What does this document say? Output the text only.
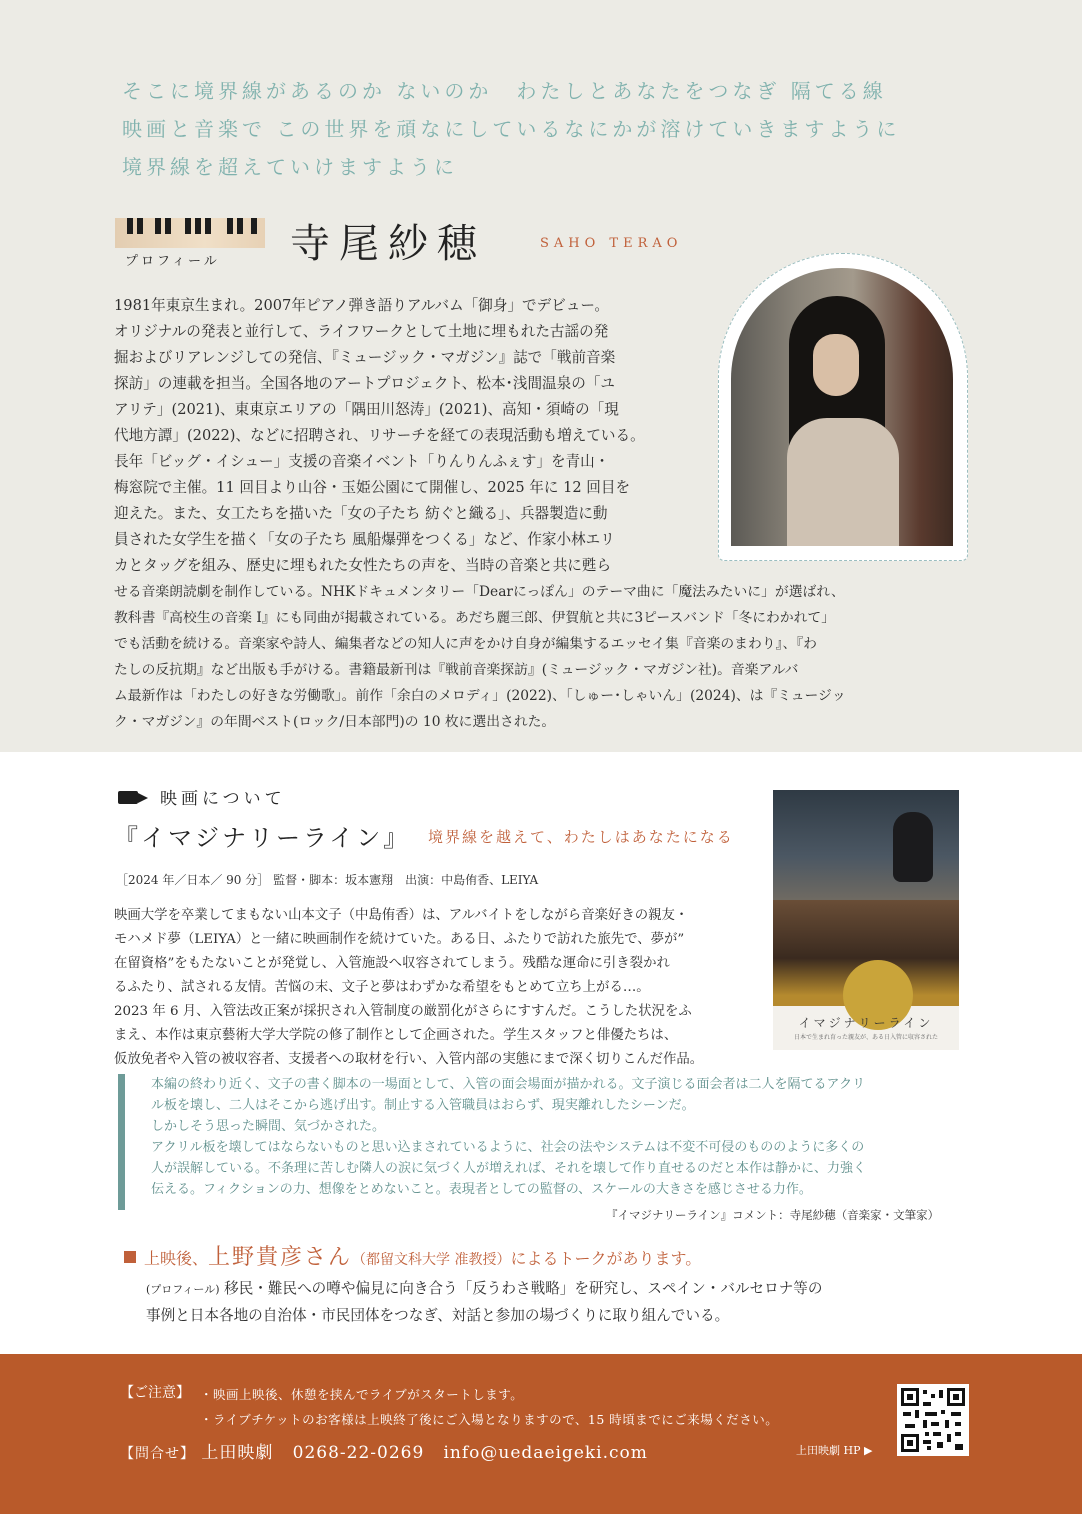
そこに境界線があるのか ないのか　わたしとあなたをつなぎ 隔てる線
映画と音楽で この世界を頑なにしているなにかが溶けていきますように
境界線を超えていけますように
プロフィール 寺尾紗穂	SAHO TERAO
1981年東京生まれ。2007年ピアノ弾き語りアルバム「御身」でデビュー。
オリジナルの発表と並行して、ライフワークとして土地に埋もれた古謡の発
掘およびリアレンジしての発信、『ミュージック・マガジン』誌で「戦前音楽
探訪」の連載を担当。全国各地のアートプロジェクト、松本･浅間温泉の「ユ
アリテ」(2021)、東東京エリアの「隅田川怒涛」(2021)、高知・須崎の「現
代地方譚」(2022)、などに招聘され、リサーチを経ての表現活動も増えている。
長年「ビッグ・イシュー」支援の音楽イベント「りんりんふぇす」を青山・
梅窓院で主催。11 回目より山谷・玉姫公園にて開催し、2025 年に 12 回目を
迎えた。また、女工たちを描いた「女の子たち 紡ぐと織る」、兵器製造に動
員された女学生を描く「女の子たち 風船爆弾をつくる」など、作家小林エリ
カとタッグを組み、歴史に埋もれた女性たちの声を、当時の音楽と共に甦ら
せる音楽朗読劇を制作している。NHKドキュメンタリー「Dearにっぽん」のテーマ曲に「魔法みたいに」が選ばれ、
教科書『高校生の音楽 I』にも同曲が掲載されている。あだち麗三郎、伊賀航と共に3ピースバンド「冬にわかれて」
でも活動を続ける。音楽家や詩人、編集者などの知人に声をかけ自身が編集するエッセイ集『音楽のまわり』、『わ
たしの反抗期』など出版も手がける。書籍最新刊は『戦前音楽探訪』(ミュージック・マガジン社)。音楽アルバ
ム最新作は「わたしの好きな労働歌」。前作「余白のメロディ」(2022)、「しゅー･しゃいん」(2024)、は『ミュージッ
ク・マガジン』の年間ベスト(ロック/日本部門)の 10 枚に選出された。
映画について
『イマジナリーライン』 境界線を越えて、わたしはあなたになる
［2024 年／日本／ 90 分］ 監督・脚本：坂本憲翔　出演：中島侑香、LEIYA
映画大学を卒業してまもない山本文子（中島侑香）は、アルバイトをしながら音楽好きの親友・
モハメド夢（LEIYA）と一緒に映画制作を続けていた。ある日、ふたりで訪れた旅先で、夢が”
在留資格”をもたないことが発覚し、入管施設へ収容されてしまう。残酷な運命に引き裂かれ
るふたり、試される友情。苦悩の末、文子と夢はわずかな希望をもとめて立ち上がる…。
2023 年 6 月、入管法改正案が採択され入管制度の厳罰化がさらにすすんだ。こうした状況をふ
まえ、本作は東京藝術大学大学院の修了制作として企画された。学生スタッフと俳優たちは、
仮放免者や入管の被収容者、支援者への取材を行い、入管内部の実態にまで深く切りこんだ作品。
イマジナリーライン
日本で生まれ育った親友が、ある日入管に収容された
本編の終わり近く、文子の書く脚本の一場面として、入管の面会場面が描かれる。文子演じる面会者は二人を隔てるアクリ
ル板を壊し、二人はそこから逃げ出す。制止する入管職員はおらず、現実離れしたシーンだ。
しかしそう思った瞬間、気づかされた。
アクリル板を壊してはならないものと思い込まされているように、社会の法やシステムは不変不可侵のもののように多くの
人が誤解している。不条理に苦しむ隣人の涙に気づく人が増えれば、それを壊して作り直せるのだと本作は静かに、力強く
伝える。フィクションの力、想像をとめないこと。表現者としての監督の、スケールの大きさを感じさせる力作。
『イマジナリーライン』コメント：寺尾紗穂（音楽家・文筆家）
上映後、上野貴彦さん（都留文科大学 准教授）によるトークがあります。
(プロフィール) 移民・難民への噂や偏見に向き合う「反うわさ戦略」を研究し、スペイン・バルセロナ等の
事例と日本各地の自治体・市民団体をつなぎ、対話と参加の場づくりに取り組んでいる。
【ご注意】 ・映画上映後、休憩を挟んでライブがスタートします。
・ライブチケットのお客様は上映終了後にご入場となりますので、15 時頃までにご来場ください。
【問合せ】 上田映劇 0268-22-0269 info@uedaeigeki.com	上田映劇 HP ▶
